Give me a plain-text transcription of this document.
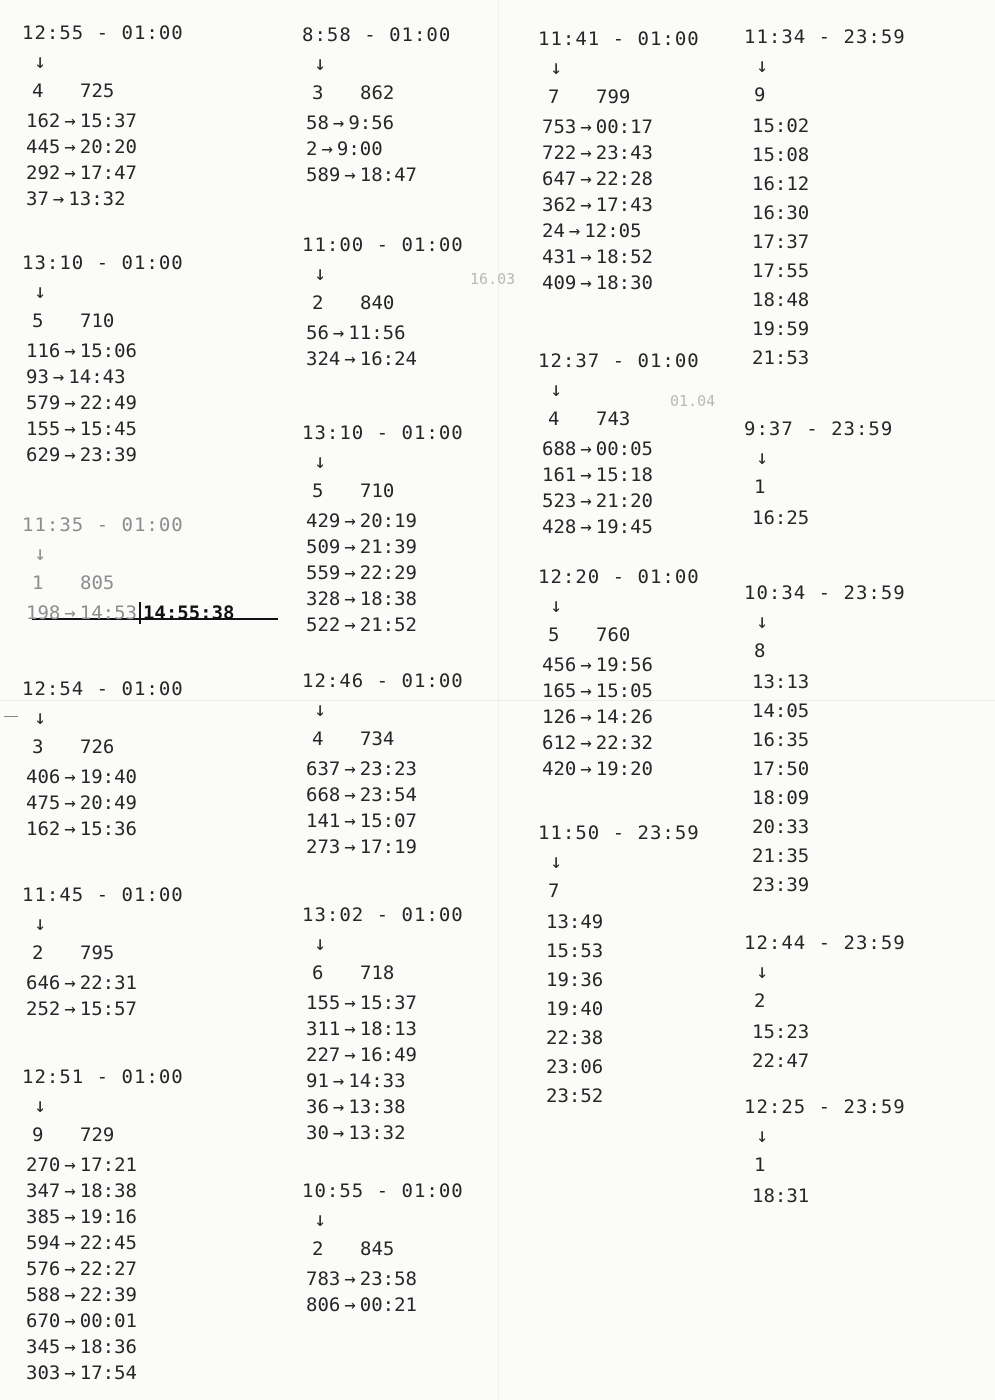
16.03
01.04
12:55 - 01:00
↓
4 725
162 → 15:37
445 → 20:20
292 → 17:47
37 → 13:32
13:10 - 01:00
↓
5 710
116 → 15:06
93 → 14:43
579 → 22:49
155 → 15:45
629 → 23:39
11:35 - 01:00
↓
1 805
198 → 14:53 14:55:38
12:54 - 01:00
↓
3 726
406 → 19:40
475 → 20:49
162 → 15:36
11:45 - 01:00
↓
2 795
646 → 22:31
252 → 15:57
12:51 - 01:00
↓
9 729
270 → 17:21
347 → 18:38
385 → 19:16
594 → 22:45
576 → 22:27
588 → 22:39
670 → 00:01
345 → 18:36
303 → 17:54
8:58 - 01:00
↓
3 862
58 → 9:56
2 → 9:00
589 → 18:47
11:00 - 01:00
↓
2 840
56 → 11:56
324 → 16:24
13:10 - 01:00
↓
5 710
429 → 20:19
509 → 21:39
559 → 22:29
328 → 18:38
522 → 21:52
12:46 - 01:00
↓
4 734
637 → 23:23
668 → 23:54
141 → 15:07
273 → 17:19
13:02 - 01:00
↓
6 718
155 → 15:37
311 → 18:13
227 → 16:49
91 → 14:33
36 → 13:38
30 → 13:32
10:55 - 01:00
↓
2 845
783 → 23:58
806 → 00:21
11:41 - 01:00
↓
7 799
753 → 00:17
722 → 23:43
647 → 22:28
362 → 17:43
24 → 12:05
431 → 18:52
409 → 18:30
12:37 - 01:00
↓
4 743
688 → 00:05
161 → 15:18
523 → 21:20
428 → 19:45
12:20 - 01:00
↓
5 760
456 → 19:56
165 → 15:05
126 → 14:26
612 → 22:32
420 → 19:20
11:50 - 23:59
↓
7
13:49
15:53
19:36
19:40
22:38
23:06
23:52
11:34 - 23:59
↓
9
15:02
15:08
16:12
16:30
17:37
17:55
18:48
19:59
21:53
9:37 - 23:59
↓
1
16:25
10:34 - 23:59
↓
8
13:13
14:05
16:35
17:50
18:09
20:33
21:35
23:39
12:44 - 23:59
↓
2
15:23
22:47
12:25 - 23:59
↓
1
18:31
